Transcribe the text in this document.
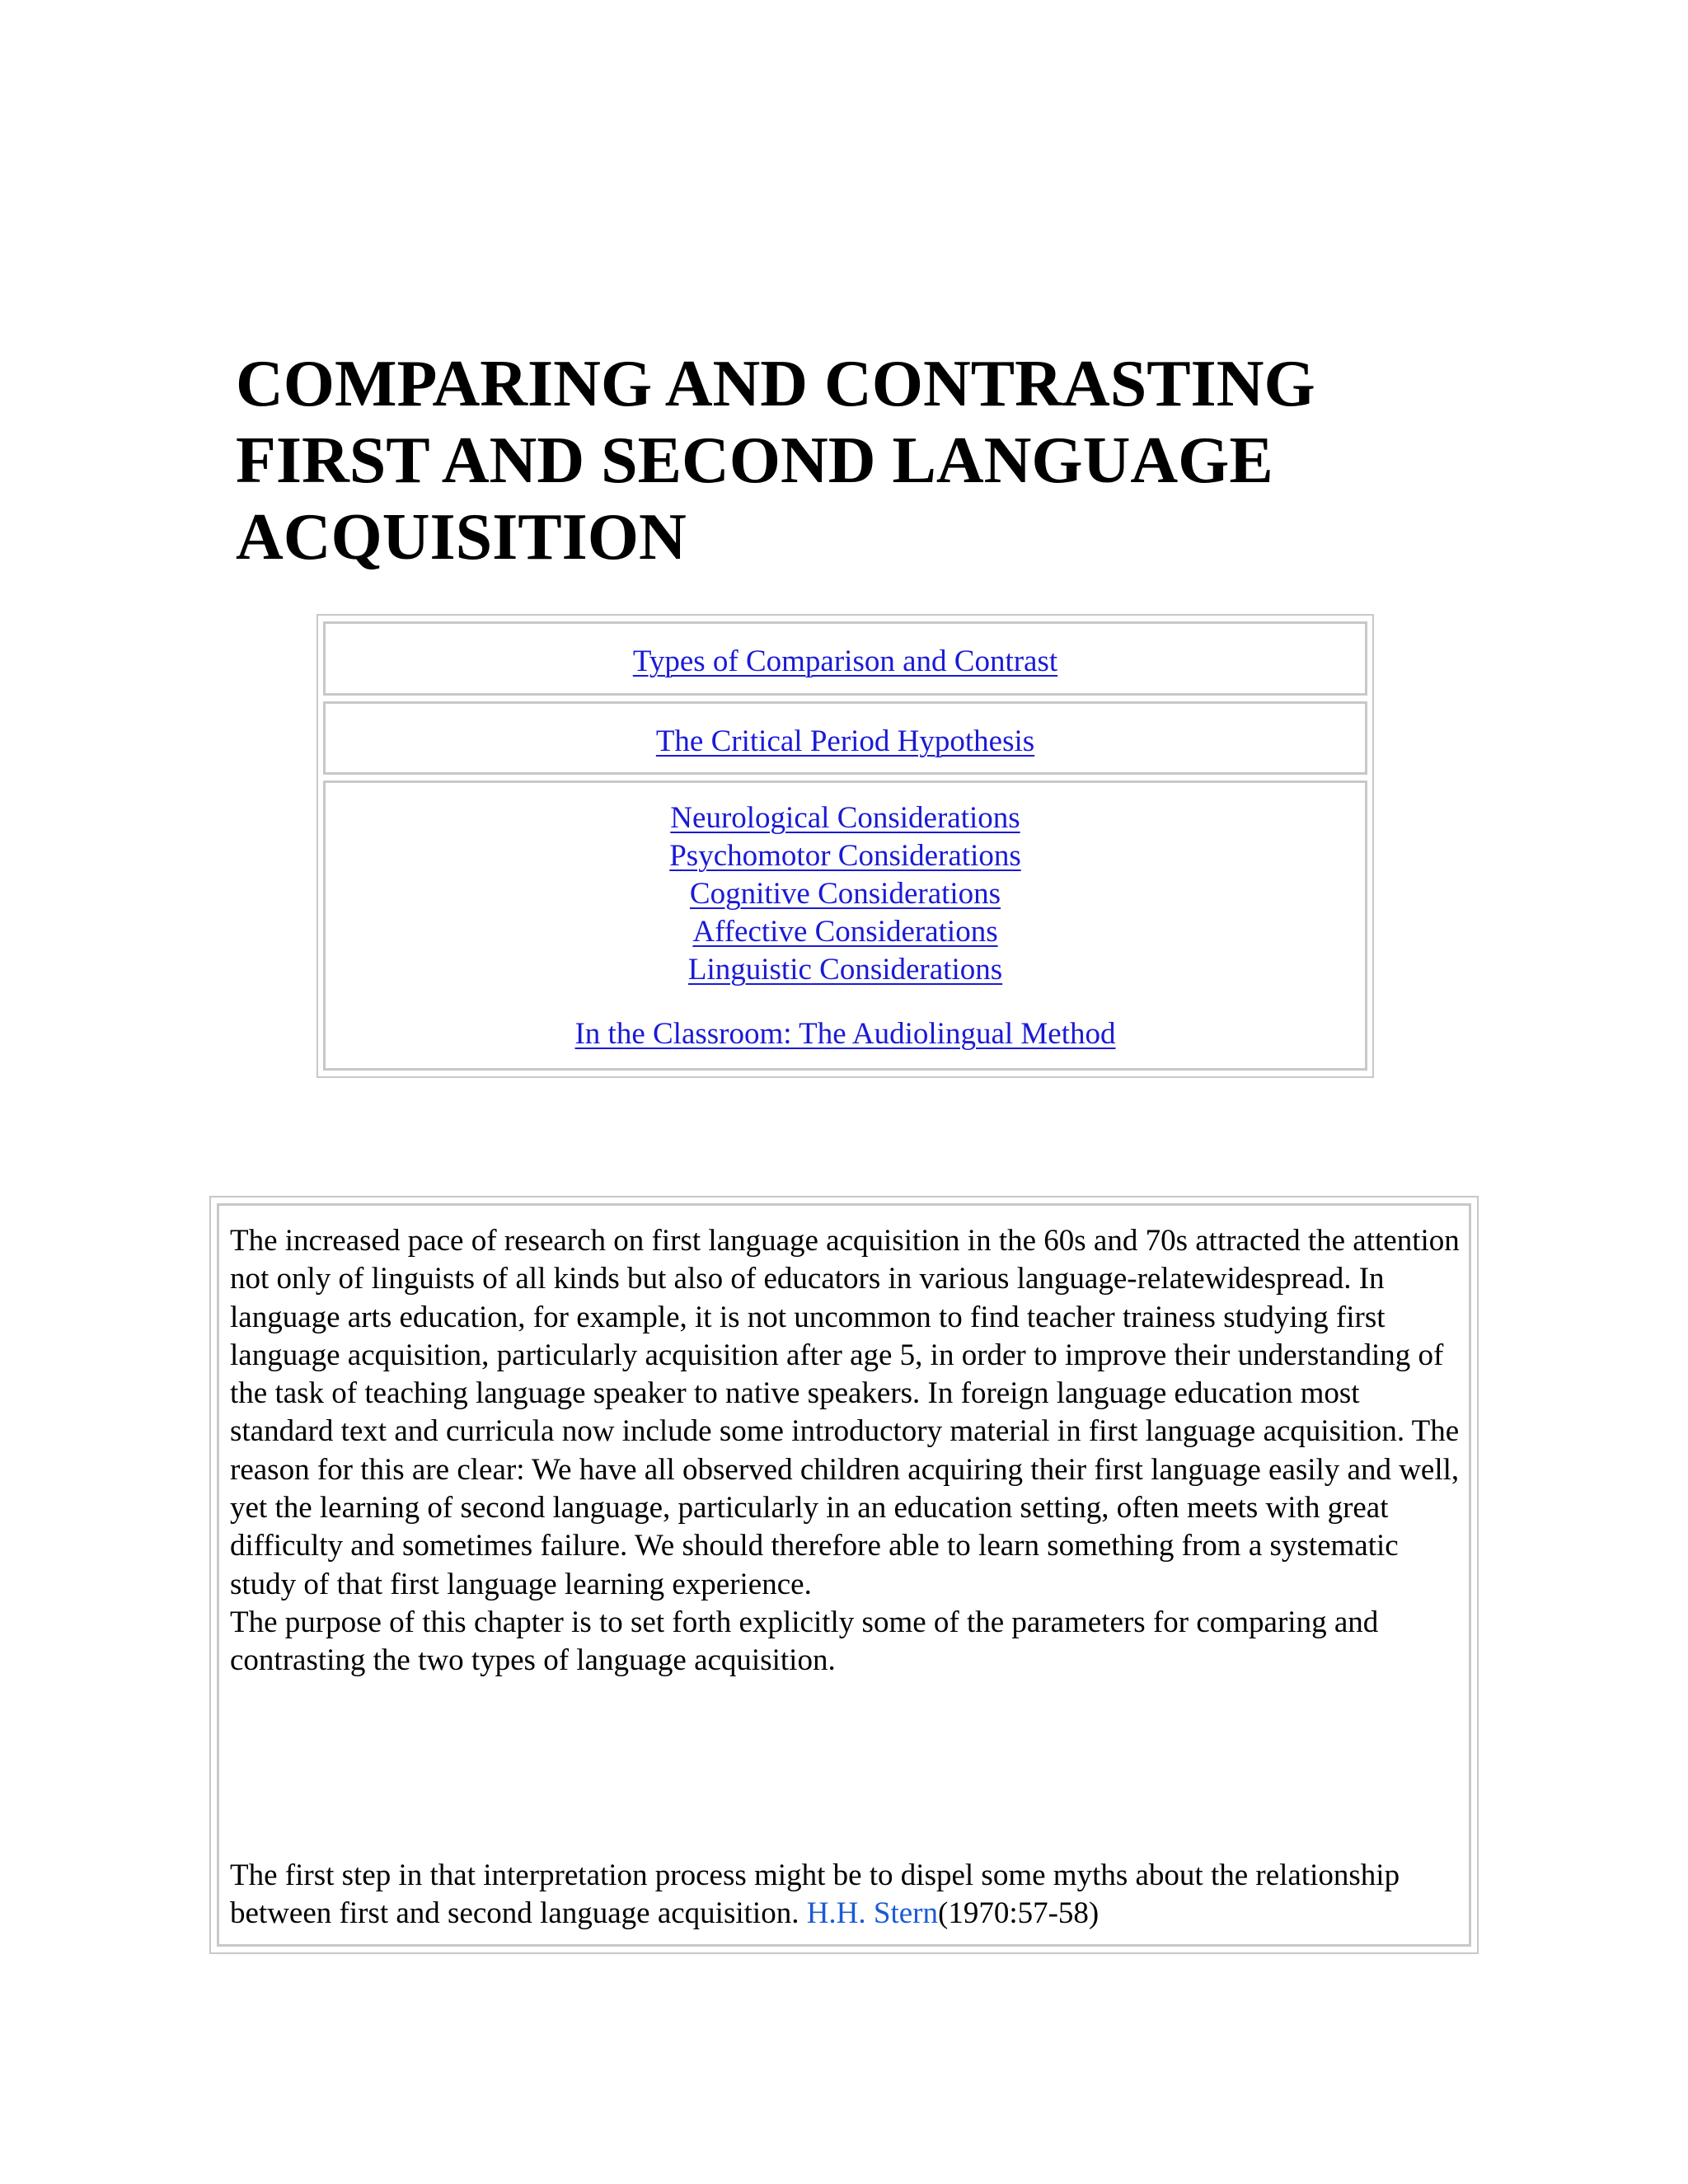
COMPARING AND CONTRASTING FIRST AND SECOND LANGUAGE ACQUISITION
Types of Comparison and Contrast
The Critical Period Hypothesis
Neurological Considerations
Psychomotor Considerations
Cognitive Considerations
Affective Considerations
Linguistic Considerations
In the Classroom: The Audiolingual Method

The increased pace of research on first language acquisition in the 60s and 70s attracted the attention not only of linguists of all kinds but also of educators in various language-relatewidespread. In language arts education, for example, it is not uncommon to find teacher trainess studying first language acquisition, particularly acquisition after age 5, in order to improve their understanding of the task of teaching language speaker to native speakers. In foreign language education most standard text and curricula now include some introductory material in first language acquisition. The reason for this are clear: We have all observed children acquiring their first language easily and well, yet the learning of second language, particularly in an education setting, often meets with great difficulty and sometimes failure. We should therefore able to learn something from a systematic study of that first language learning experience.

The purpose of this chapter is to set forth explicitly some of the parameters for comparing and contrasting the two types of language acquisition.

The first step in that interpretation process might be to dispel some myths about the relationship between first and second language acquisition. H.H. Stern(1970:57-58)
